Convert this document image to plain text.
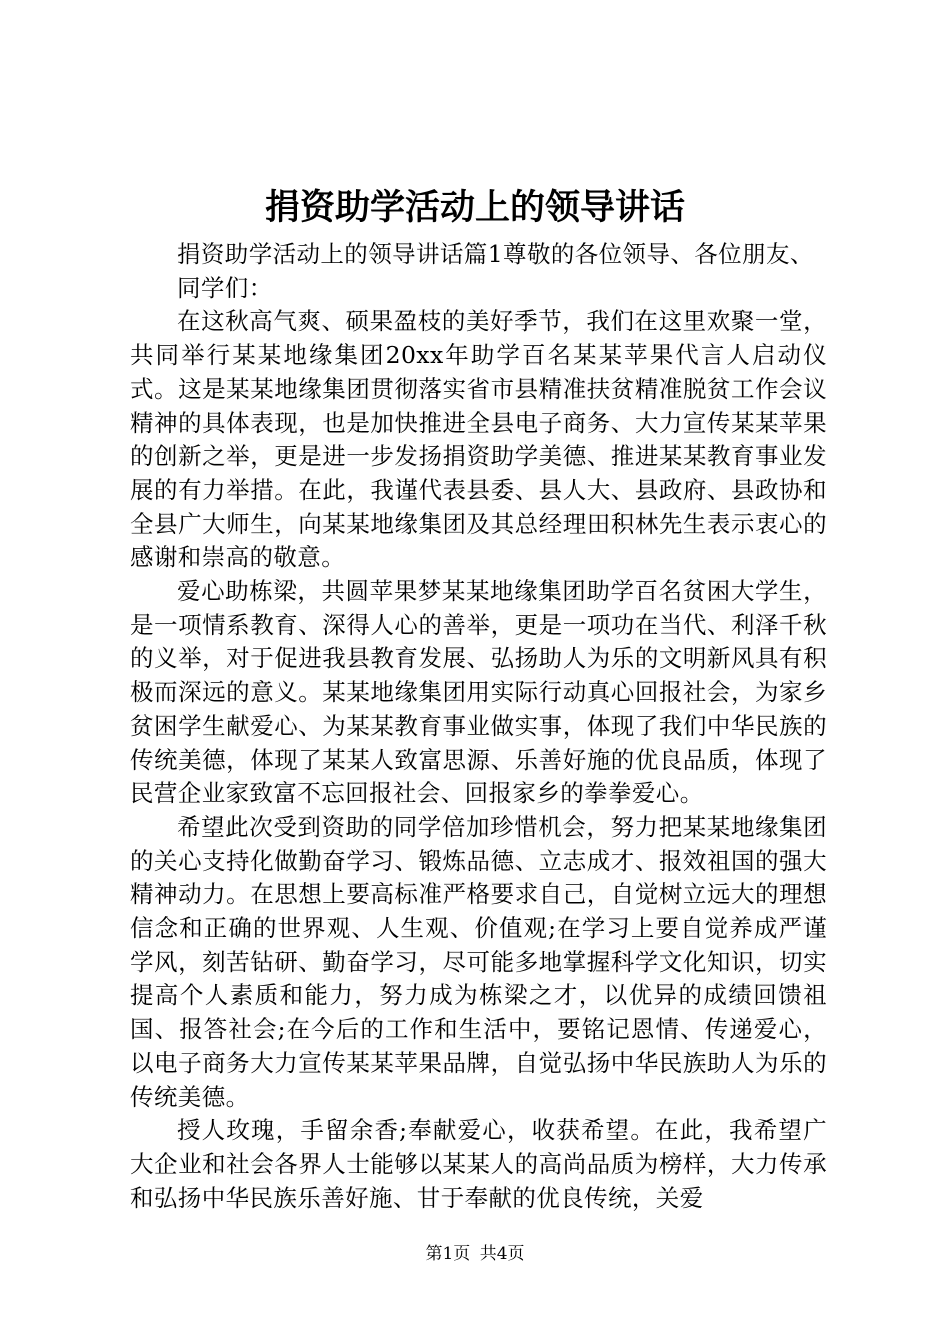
捐资助学活动上的领导讲话

捐资助学活动上的领导讲话篇1尊敬的各位领导、各位朋友、

同学们：

在这秋高气爽、硕果盈枝的美好季节，我们在这里欢聚一堂，共同举行某某地缘集团20xx年助学百名某某苹果代言人启动仪式。这是某某地缘集团贯彻落实省市县精准扶贫精准脱贫工作会议精神的具体表现，也是加快推进全县电子商务、大力宣传某某苹果的创新之举，更是进一步发扬捐资助学美德、推进某某教育事业发展的有力举措。在此，我谨代表县委、县人大、县政府、县政协和全县广大师生，向某某地缘集团及其总经理田积林先生表示衷心的感谢和崇高的敬意。

爱心助栋梁，共圆苹果梦某某地缘集团助学百名贫困大学生，是一项情系教育、深得人心的善举，更是一项功在当代、利泽千秋的义举，对于促进我县教育发展、弘扬助人为乐的文明新风具有积极而深远的意义。某某地缘集团用实际行动真心回报社会，为家乡贫困学生献爱心、为某某教育事业做实事，体现了我们中华民族的传统美德，体现了某某人致富思源、乐善好施的优良品质，体现了民营企业家致富不忘回报社会、回报家乡的拳拳爱心。

希望此次受到资助的同学倍加珍惜机会，努力把某某地缘集团的关心支持化做勤奋学习、锻炼品德、立志成才、报效祖国的强大精神动力。在思想上要高标准严格要求自己，自觉树立远大的理想信念和正确的世界观、人生观、价值观;在学习上要自觉养成严谨学风，刻苦钻研、勤奋学习，尽可能多地掌握科学文化知识，切实提高个人素质和能力，努力成为栋梁之才，以优异的成绩回馈祖国、报答社会;在今后的工作和生活中，要铭记恩情、传递爱心，以电子商务大力宣传某某苹果品牌，自觉弘扬中华民族助人为乐的传统美德。

授人玫瑰，手留余香;奉献爱心，收获希望。在此，我希望广大企业和社会各界人士能够以某某人的高尚品质为榜样，大力传承和弘扬中华民族乐善好施、甘于奉献的优良传统，关爱

第1页 共4页
